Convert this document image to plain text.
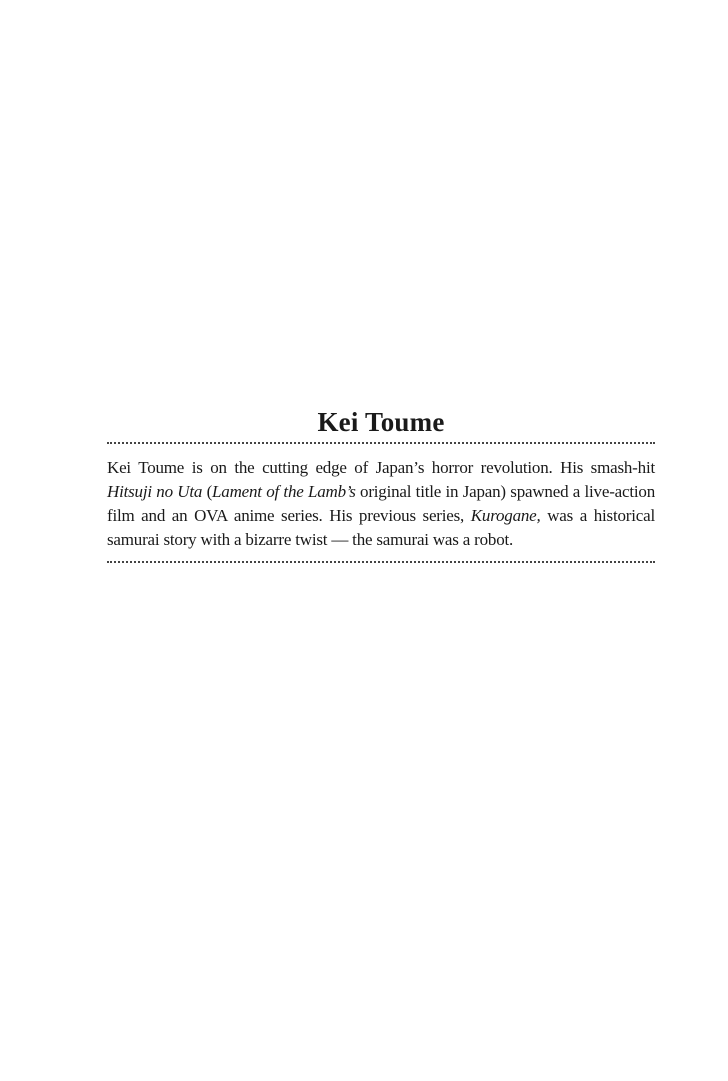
Kei Toume

Kei Toume is on the cutting edge of Japan’s horror revolution. His smash-hit Hitsuji no Uta (Lament of the Lamb’s original title in Japan) spawned a live-action film and an OVA anime series. His previous series, Kurogane, was a historical samurai story with a bizarre twist — the samurai was a robot.
